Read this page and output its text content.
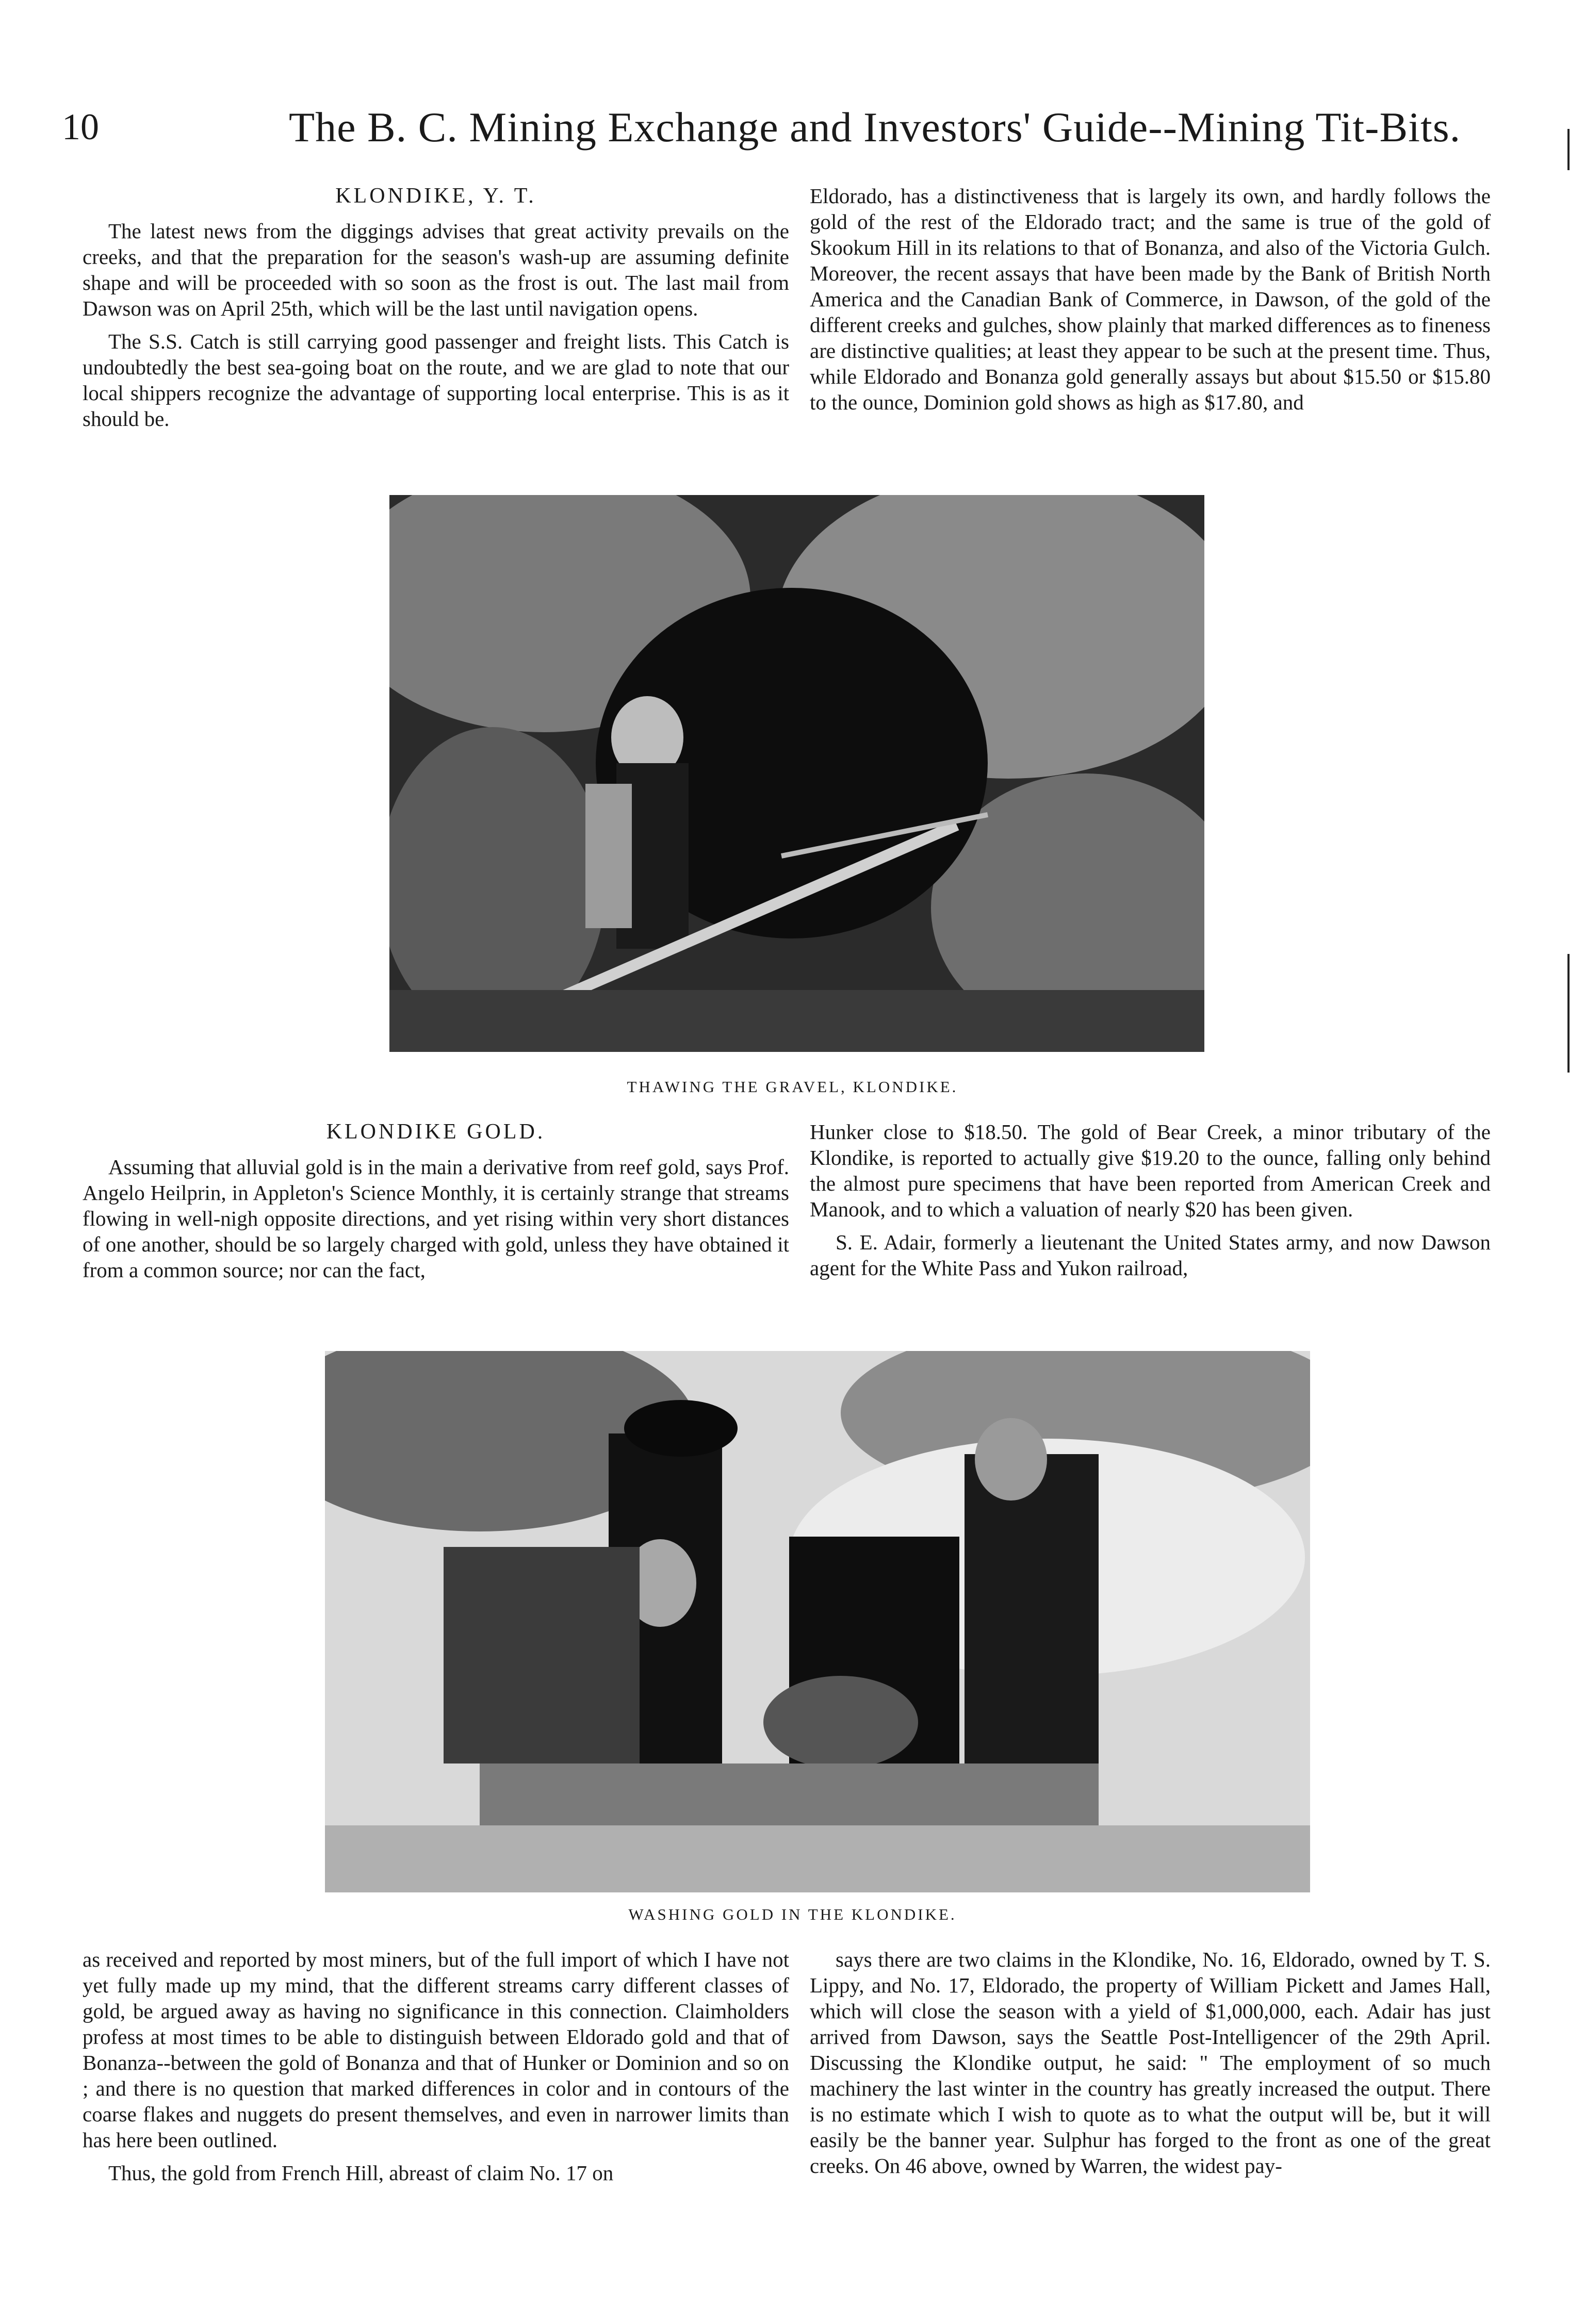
10	The B. C. Mining Exchange and Investors' Guide--Mining Tit-Bits.
KLONDIKE, Y. T.

The latest news from the diggings advises that great activity prevails on the creeks, and that the preparation for the season's wash-up are assuming definite shape and will be proceeded with so soon as the frost is out. The last mail from Dawson was on April 25th, which will be the last until navigation opens.

The S.S. Catch is still carrying good passenger and freight lists. This Catch is undoubtedly the best sea-going boat on the route, and we are glad to note that our local shippers recognize the advantage of supporting local enterprise. This is as it should be.

Eldorado, has a distinctiveness that is largely its own, and hardly follows the gold of the rest of the Eldorado tract; and the same is true of the gold of Skookum Hill in its relations to that of Bonanza, and also of the Victoria Gulch. Moreover, the recent assays that have been made by the Bank of British North America and the Canadian Bank of Commerce, in Dawson, of the gold of the different creeks and gulches, show plainly that marked differences as to fineness are distinctive qualities; at least they appear to be such at the present time. Thus, while Eldorado and Bonanza gold generally assays but about $15.50 or $15.80 to the ounce, Dominion gold shows as high as $17.80, and

THAWING THE GRAVEL, KLONDIKE.
KLONDIKE GOLD.

Assuming that alluvial gold is in the main a derivative from reef gold, says Prof. Angelo Heilprin, in Appleton's Science Monthly, it is certainly strange that streams flowing in well-nigh opposite directions, and yet rising within very short distances of one another, should be so largely charged with gold, unless they have obtained it from a common source; nor can the fact,

Hunker close to $18.50. The gold of Bear Creek, a minor tributary of the Klondike, is reported to actually give $19.20 to the ounce, falling only behind the almost pure specimens that have been reported from American Creek and Manook, and to which a valuation of nearly $20 has been given.

S. E. Adair, formerly a lieutenant the United States army, and now Dawson agent for the White Pass and Yukon railroad,

WASHING GOLD IN THE KLONDIKE.

as received and reported by most miners, but of the full import of which I have not yet fully made up my mind, that the different streams carry different classes of gold, be argued away as having no significance in this connection. Claimholders profess at most times to be able to distinguish between Eldorado gold and that of Bonanza--between the gold of Bonanza and that of Hunker or Dominion and so on ; and there is no question that marked differences in color and in contours of the coarse flakes and nuggets do present themselves, and even in narrower limits than has here been outlined.

Thus, the gold from French Hill, abreast of claim No. 17 on

says there are two claims in the Klondike, No. 16, Eldorado, owned by T. S. Lippy, and No. 17, Eldorado, the property of William Pickett and James Hall, which will close the season with a yield of $1,000,000, each. Adair has just arrived from Dawson, says the Seattle Post-Intelligencer of the 29th April. Discussing the Klondike output, he said: " The employment of so much machinery the last winter in the country has greatly increased the output. There is no estimate which I wish to quote as to what the output will be, but it will easily be the banner year. Sulphur has forged to the front as one of the great creeks. On 46 above, owned by Warren, the widest pay-
